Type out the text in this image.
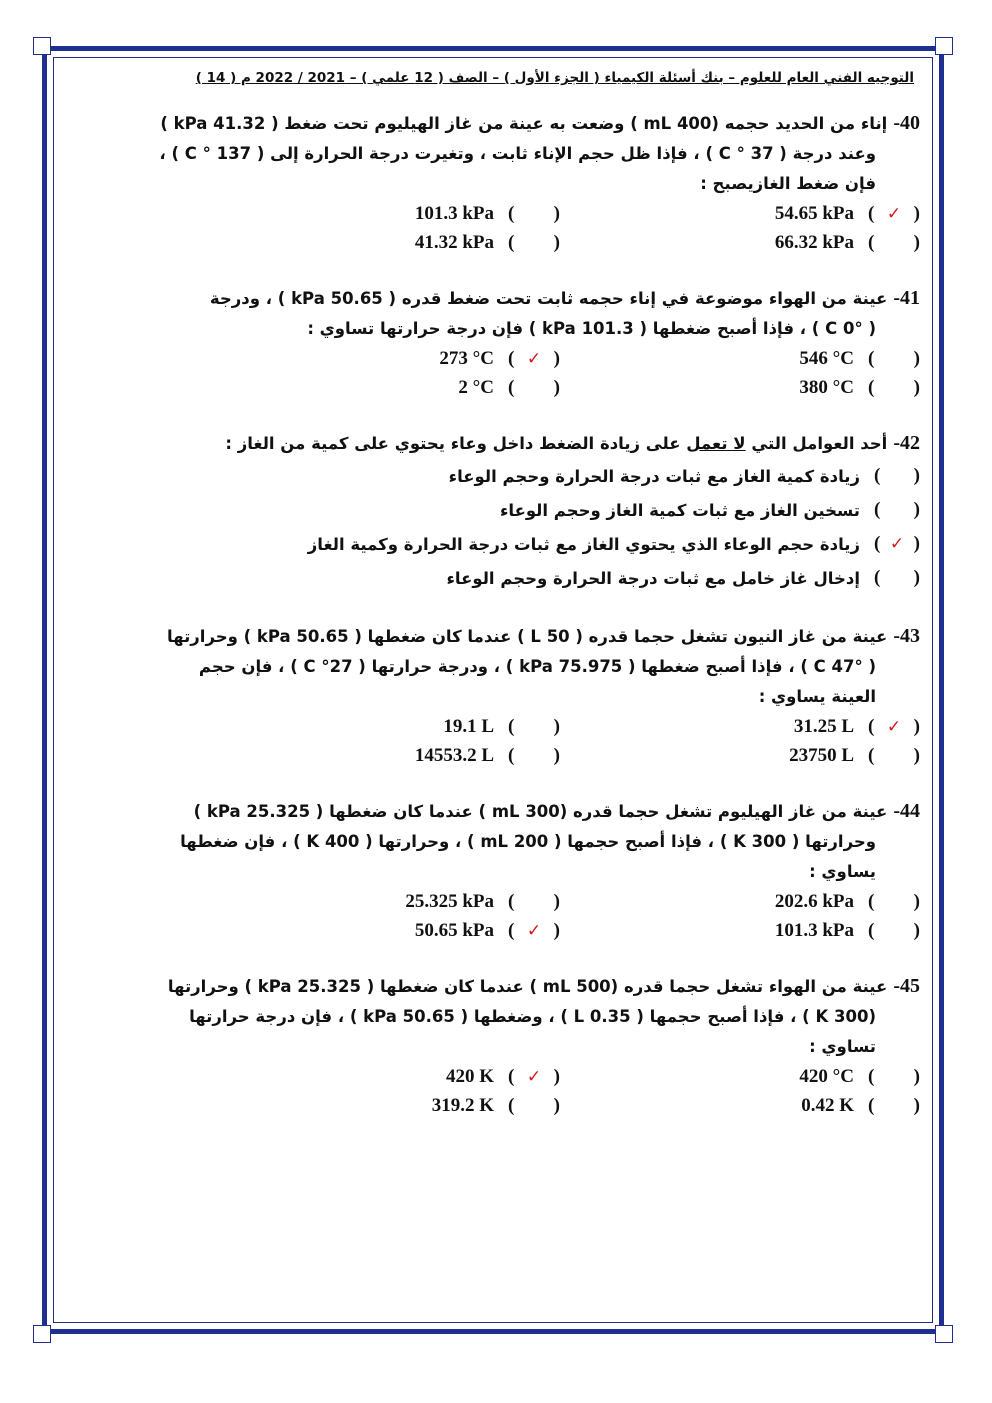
التوجيه الفني العام للعلوم – بنك أسئلة الكيمياء ( الجزء الأول ) – الصف ( 12 علمي ) – 2021 / 2022 م ( 14 )
40-إناء من الحديد حجمه (400 mL ) وضعت به عينة من غاز الهيليوم تحت ضغط ( 41.32 kPa )
وعند درجة ( 37 ° C ) ، فإذا ظل حجم الإناء ثابت ، وتغيرت درجة الحرارة إلى ( 137 ° C ) ،
فإن ضغط الغازيصبح :
( ✓ )
54.65 kPa
( )
101.3 kPa
( )
66.32 kPa
( )
41.32 kPa
41-عينة من الهواء موضوعة في إناء حجمه ثابت تحت ضغط قدره ( 50.65 kPa ) ، ودرجة
( 0° C ) ، فإذا أصبح ضغطها ( 101.3 kPa ) فإن درجة حرارتها تساوي :
( )
546 °C
( ✓ )
273 °C
( )
380 °C
( )
2 °C
42-أحد العوامل التي لا تعمل على زيادة الضغط داخل وعاء يحتوي على كمية من الغاز :
( )
زيادة كمية الغاز مع ثبات درجة الحرارة وحجم الوعاء
( )
تسخين الغاز مع ثبات كمية الغاز وحجم الوعاء
( ✓ )
زيادة حجم الوعاء الذي يحتوي الغاز مع ثبات درجة الحرارة وكمية الغاز
( )
إدخال غاز خامل مع ثبات درجة الحرارة وحجم الوعاء
43-عينة من غاز النيون تشغل حجما قدره ( 50 L ) عندما كان ضغطها ( 50.65 kPa ) وحرارتها
( 47° C ) ، فإذا أصبح ضغطها ( 75.975 kPa ) ، ودرجة حرارتها ( 27° C ) ، فإن حجم
العينة يساوي :
( ✓ )
31.25 L
( )
19.1 L
( )
23750 L
( )
14553.2 L
44-عينة من غاز الهيليوم تشغل حجما قدره (300 mL ) عندما كان ضغطها ( 25.325 kPa )
وحرارتها ( 300 K ) ، فإذا أصبح حجمها ( 200 mL ) ، وحرارتها ( 400 K ) ، فإن ضغطها
يساوي :
( )
202.6 kPa
( )
25.325 kPa
( )
101.3 kPa
( ✓ )
50.65 kPa
45-عينة من الهواء تشغل حجما قدره (500 mL ) عندما كان ضغطها ( 25.325 kPa ) وحرارتها
(300 K ) ، فإذا أصبح حجمها ( 0.35 L ) ، وضغطها ( 50.65 kPa ) ، فإن درجة حرارتها
تساوي :
( )
420 °C
( ✓ )
420 K
( )
0.42 K
( )
319.2 K
